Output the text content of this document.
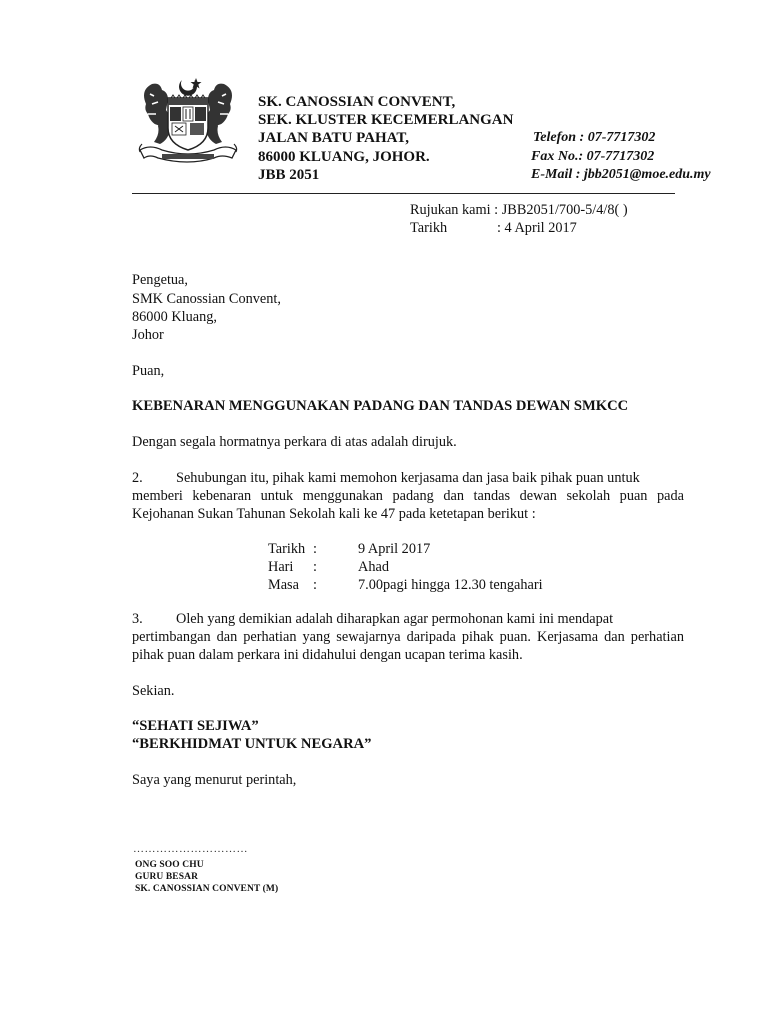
SK. CANOSSIAN CONVENT,
SEK. KLUSTER KECEMERLANGAN
JALAN BATU PAHAT,
86000 KLUANG, JOHOR.
JBB 2051
Telefon : 07-7717302
Fax No.: 07-7717302
E-Mail : jbb2051@moe.edu.my
Rujukan kami : JBB2051/700-5/4/8( )
Tarikh	: 4 April 2017
Pengetua,
SMK Canossian Convent,
86000 Kluang,
Johor
Puan,
KEBENARAN MENGGUNAKAN PADANG DAN TANDAS DEWAN SMKCC
Dengan segala hormatnya perkara di atas adalah dirujuk.
2. Sehubungan itu, pihak kami memohon kerjasama dan jasa baik pihak puan untuk
memberi kebenaran untuk menggunakan padang dan tandas dewan sekolah puan pada Kejohanan Sukan Tahunan Sekolah kali ke 47 pada ketetapan berikut :
Tarikh :	9 April 2017
Hari :	Ahad
Masa :	7.00pagi hingga 12.30 tengahari
3. Oleh yang demikian adalah diharapkan agar permohonan kami ini mendapat
pertimbangan dan perhatian yang sewajarnya daripada pihak puan. Kerjasama dan perhatian pihak puan dalam perkara ini didahului dengan ucapan terima kasih.
Sekian.
“SEHATI SEJIWA”
“BERKHIDMAT UNTUK NEGARA”
Saya yang menurut perintah,
…………………………
ONG SOO CHU
GURU BESAR
SK. CANOSSIAN CONVENT (M)
